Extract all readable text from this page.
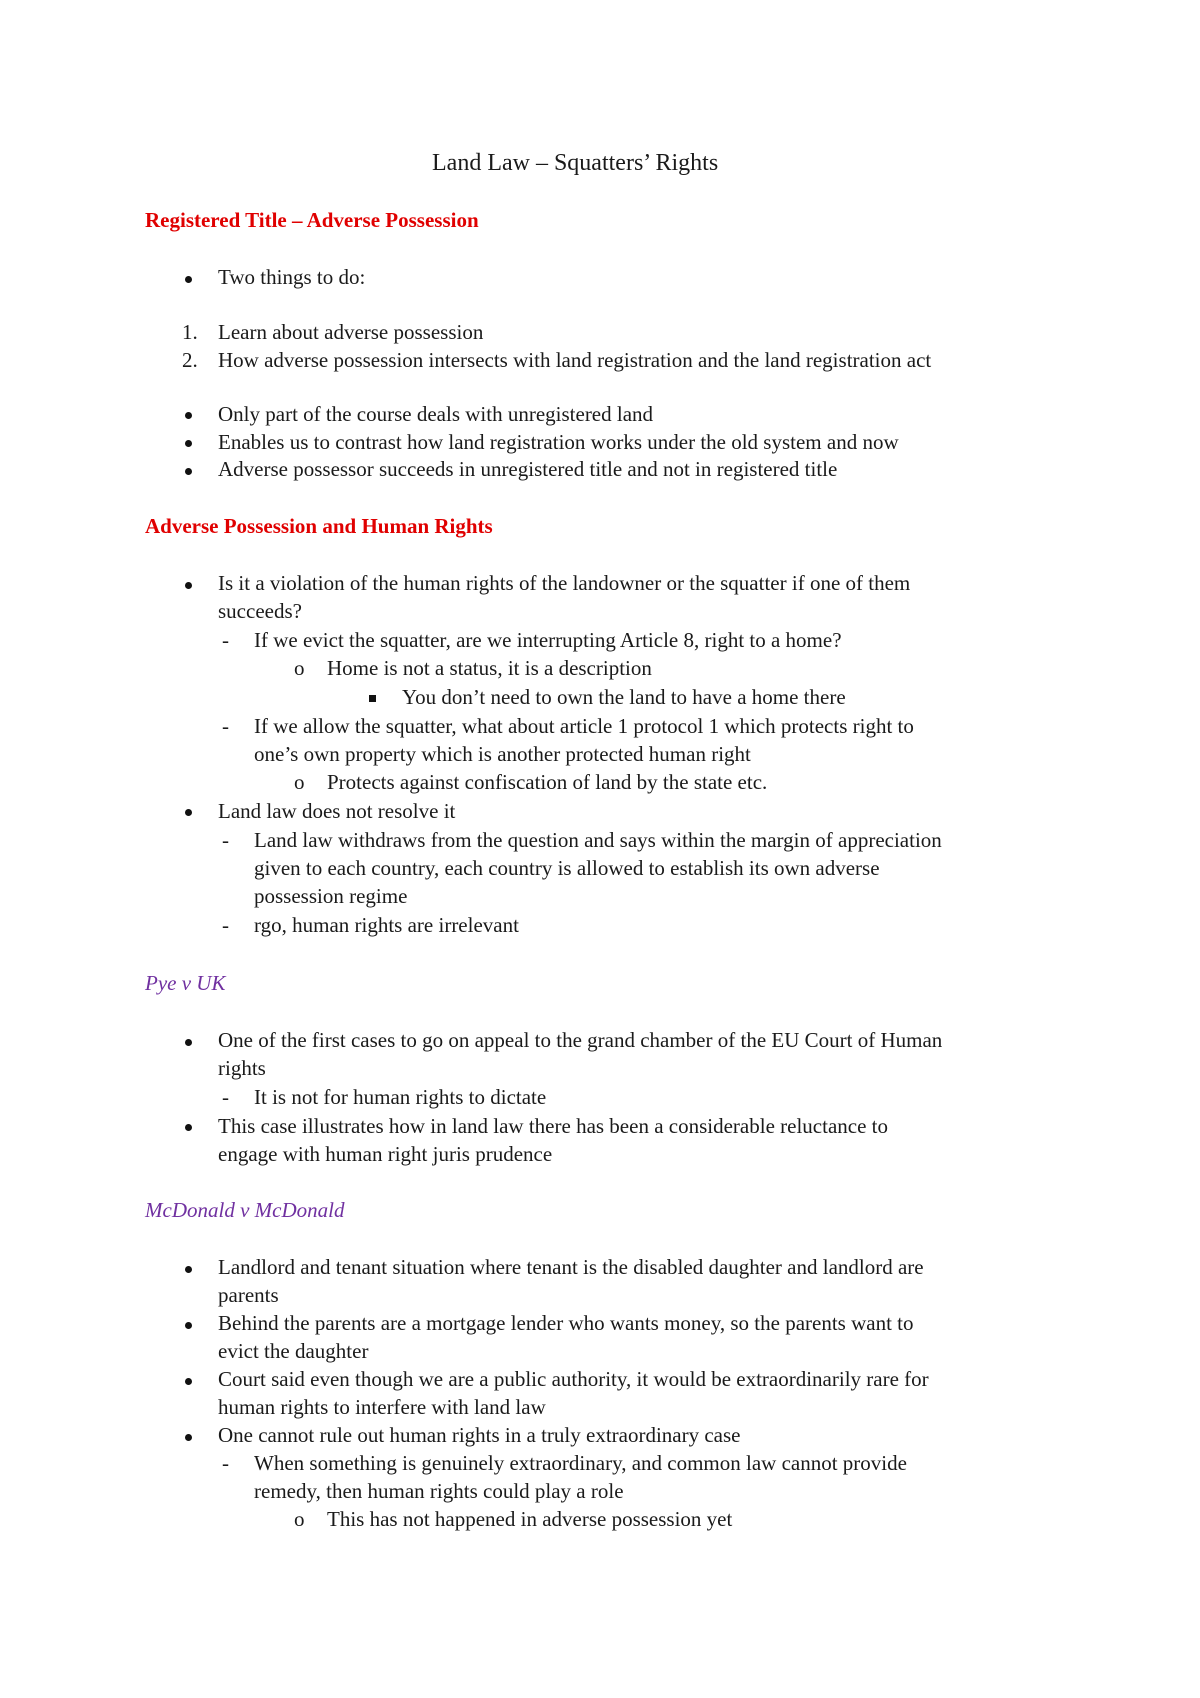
Land Law – Squatters’ Rights
Registered Title – Adverse Possession
Two things to do:
1. Learn about adverse possession
2. How adverse possession intersects with land registration and the land registration act
Only part of the course deals with unregistered land
Enables us to contrast how land registration works under the old system and now
Adverse possessor succeeds in unregistered title and not in registered title
Adverse Possession and Human Rights
Is it a violation of the human rights of the landowner or the squatter if one of them
succeeds?
- If we evict the squatter, are we interrupting Article 8, right to a home?
o Home is not a status, it is a description
You don’t need to own the land to have a home there
- If we allow the squatter, what about article 1 protocol 1 which protects right to
one’s own property which is another protected human right
o Protects against confiscation of land by the state etc.
Land law does not resolve it
- Land law withdraws from the question and says within the margin of appreciation
given to each country, each country is allowed to establish its own adverse
possession regime
- rgo, human rights are irrelevant
Pye v UK
One of the first cases to go on appeal to the grand chamber of the EU Court of Human
rights
- It is not for human rights to dictate
This case illustrates how in land law there has been a considerable reluctance to
engage with human right juris prudence
McDonald v McDonald
Landlord and tenant situation where tenant is the disabled daughter and landlord are
parents
Behind the parents are a mortgage lender who wants money, so the parents want to
evict the daughter
Court said even though we are a public authority, it would be extraordinarily rare for
human rights to interfere with land law
One cannot rule out human rights in a truly extraordinary case
- When something is genuinely extraordinary, and common law cannot provide
remedy, then human rights could play a role
o This has not happened in adverse possession yet
